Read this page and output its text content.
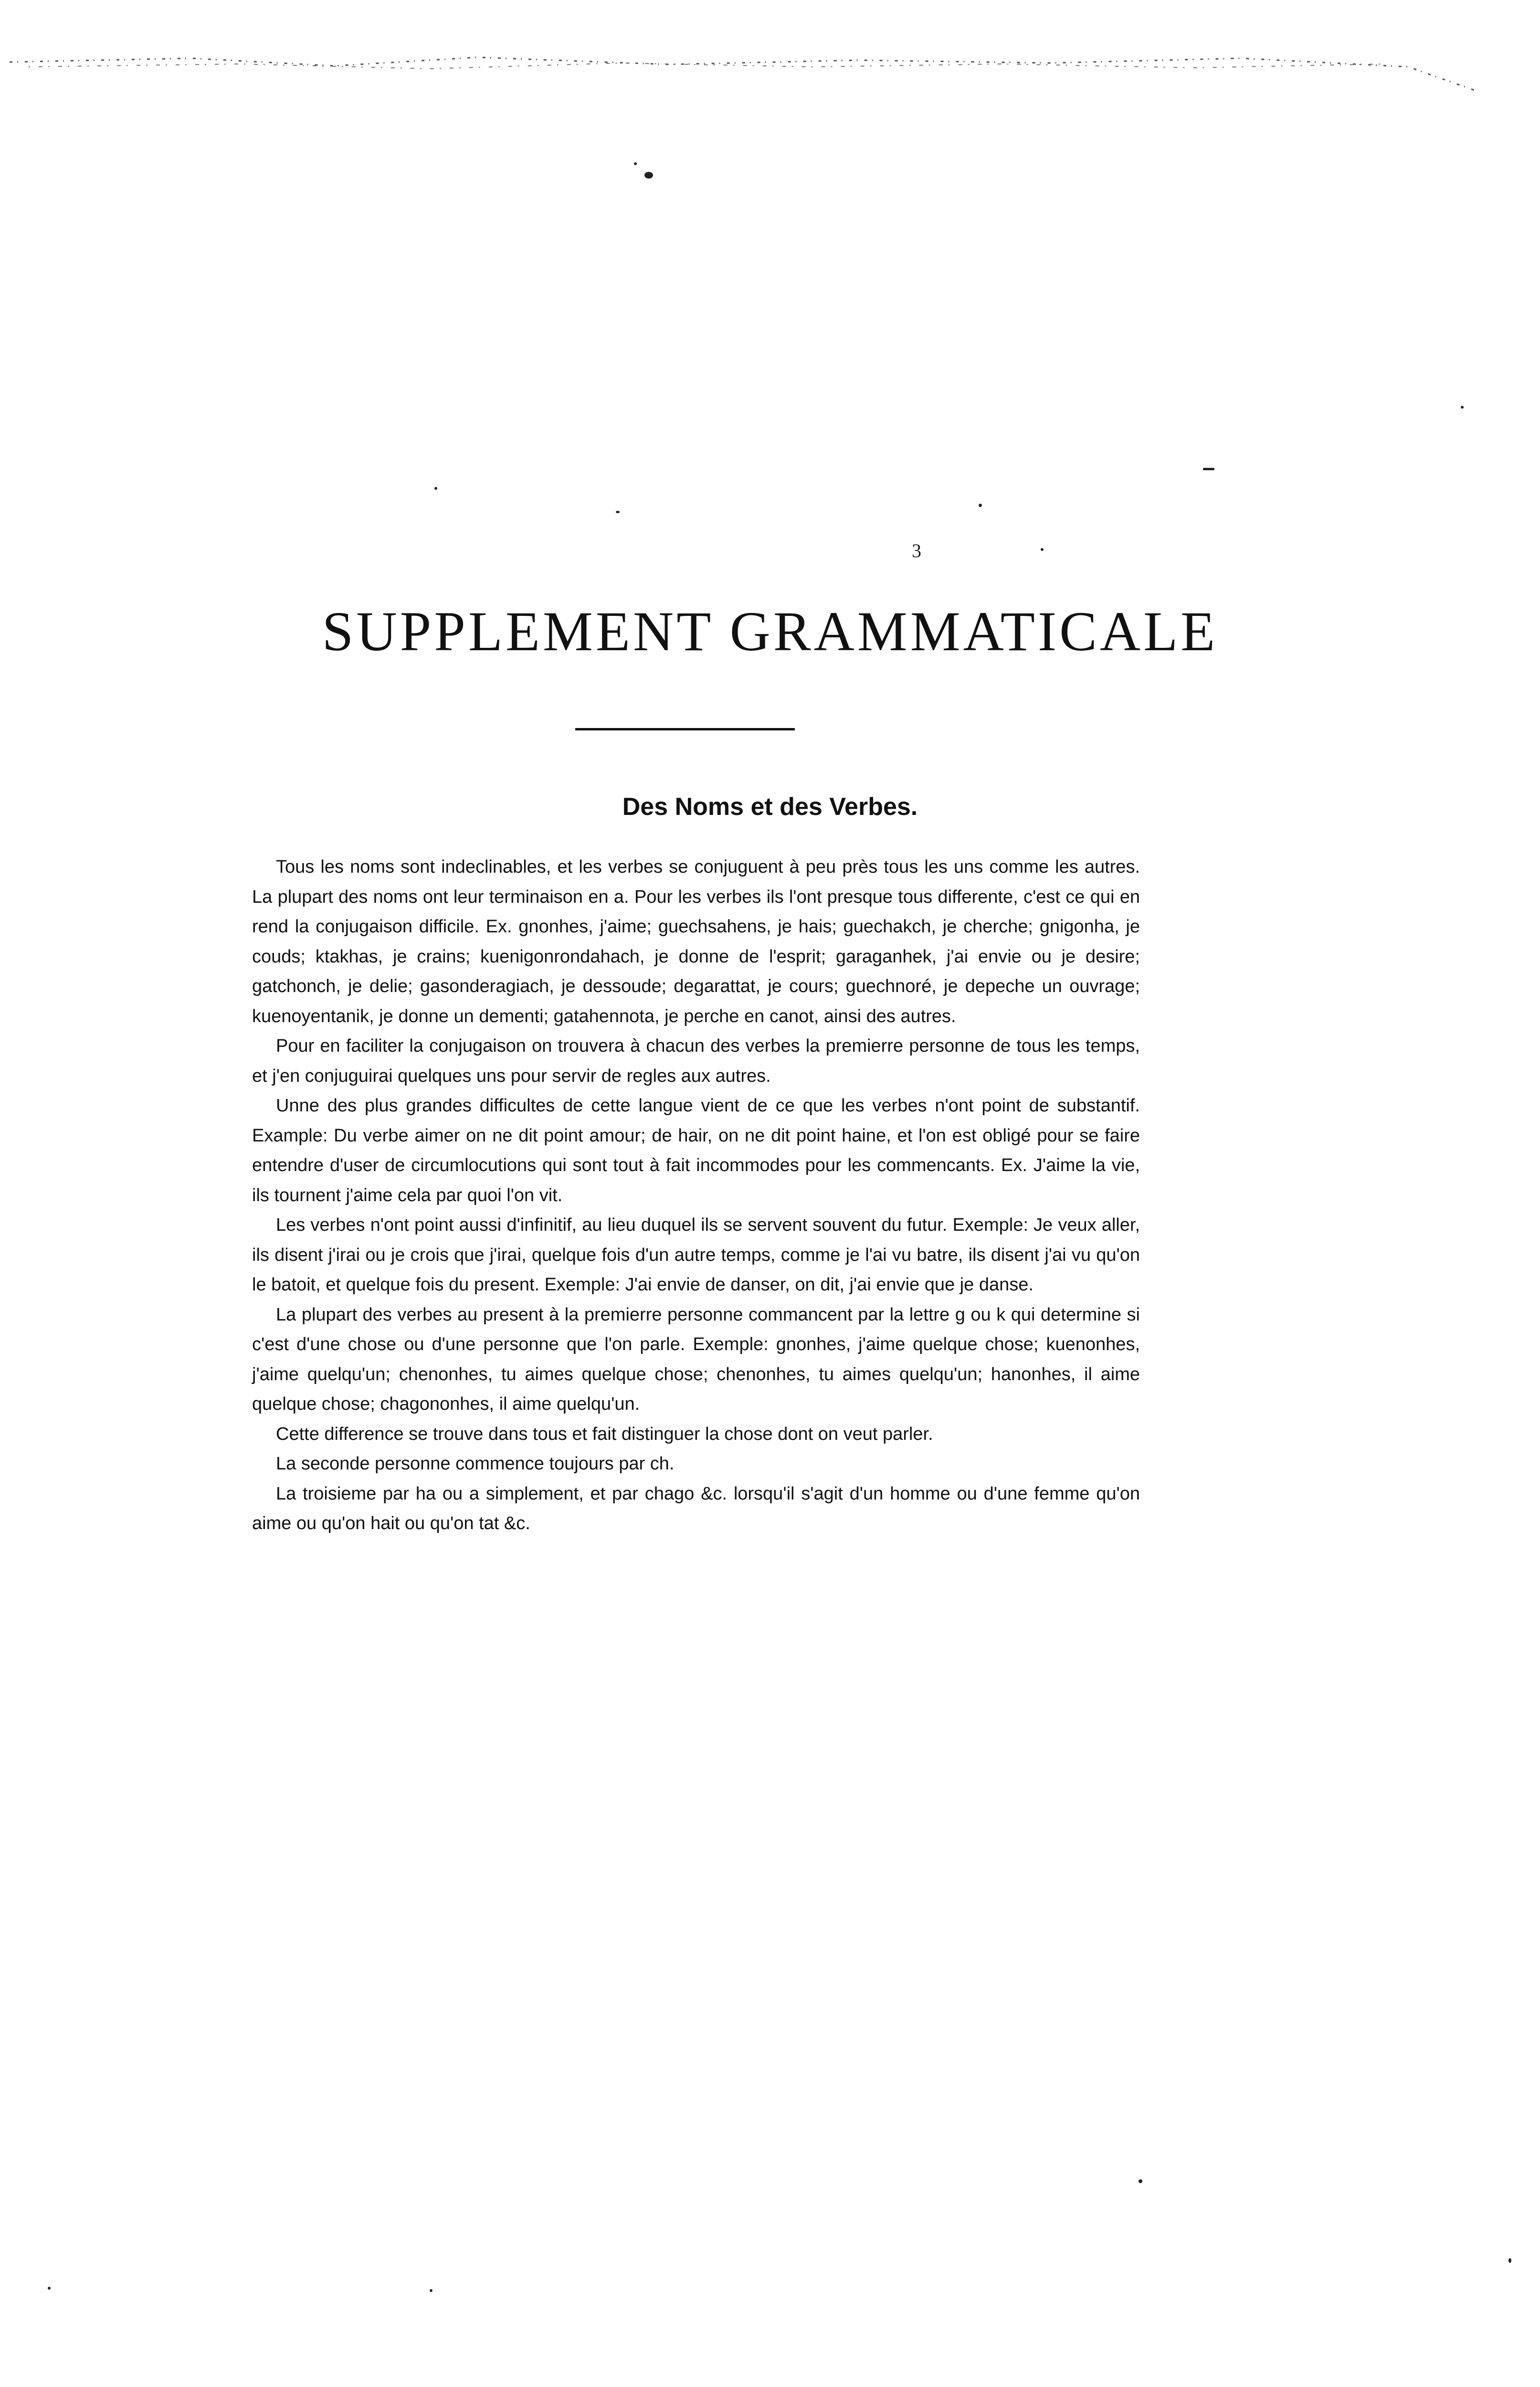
3
SUPPLEMENT GRAMMATICALE
Des Noms et des Verbes.

Tous les noms sont indeclinables, et les verbes se conjuguent à peu près tous les uns comme les autres. La plupart des noms ont leur terminaison en a. Pour les verbes ils l'ont presque tous differente, c'est ce qui en rend la conjugaison difficile. Ex. gnonhes, j'aime; guechsahens, je hais; guechakch, je cherche; gnigonha, je couds; ktakhas, je crains; kuenigonrondahach, je donne de l'esprit; garaganhek, j'ai envie ou je desire; gatchonch, je delie; gasonderagiach, je dessoude; degarattat, je cours; guechnoré, je depeche un ouvrage; kuenoyentanik, je donne un dementi; gatahennota, je perche en canot, ainsi des autres.

Pour en faciliter la conjugaison on trouvera à chacun des verbes la premierre personne de tous les temps, et j'en conjuguirai quelques uns pour servir de regles aux autres.

Unne des plus grandes difficultes de cette langue vient de ce que les verbes n'ont point de substantif. Example: Du verbe aimer on ne dit point amour; de hair, on ne dit point haine, et l'on est obligé pour se faire entendre d'user de circumlocutions qui sont tout à fait incommodes pour les commencants. Ex. J'aime la vie, ils tournent j'aime cela par quoi l'on vit.

Les verbes n'ont point aussi d'infinitif, au lieu duquel ils se servent souvent du futur. Exemple: Je veux aller, ils disent j'irai ou je crois que j'irai, quelque fois d'un autre temps, comme je l'ai vu batre, ils disent j'ai vu qu'on le batoit, et quelque fois du present. Exemple: J'ai envie de danser, on dit, j'ai envie que je danse.

La plupart des verbes au present à la premierre personne commancent par la lettre g ou k qui determine si c'est d'une chose ou d'une personne que l'on parle. Exemple: gnonhes, j'aime quelque chose; kuenonhes, j'aime quelqu'un; chenonhes, tu aimes quelque chose; chenonhes, tu aimes quelqu'un; hanonhes, il aime quelque chose; chagononhes, il aime quelqu'un.

Cette difference se trouve dans tous et fait distinguer la chose dont on veut parler.

La seconde personne commence toujours par ch.

La troisieme par ha ou a simplement, et par chago &c. lorsqu'il s'agit d'un homme ou d'une femme qu'on aime ou qu'on hait ou qu'on tat &c.
